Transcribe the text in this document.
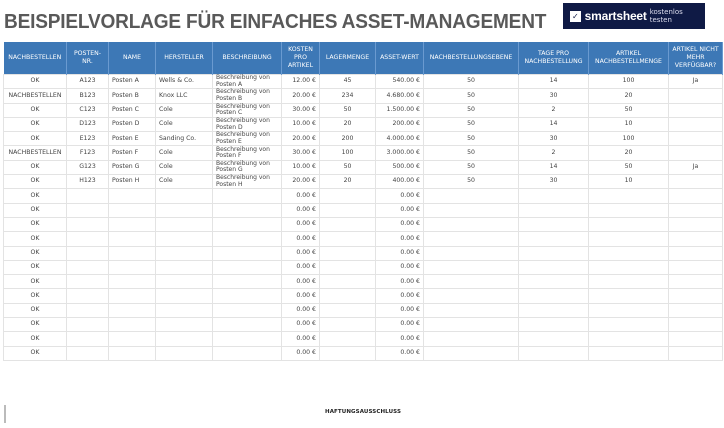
BEISPIELVORLAGE FÜR EINFACHES ASSET-MANAGEMENT	✓ smartsheet kostenlos testen
NACHBESTELLEN	POSTEN-NR.	NAME	HERSTELLER	BESCHREIBUNG	KOSTEN PRO ARTIKEL	LAGERMENGE	ASSET-WERT	NACHBESTELLUNGSEBENE	TAGE PRO NACHBESTELLUNG	ARTIKEL NACHBESTELLMENGE	ARTIKEL NICHT MEHR VERFÜGBAR?
OK	A123	Posten A	Wells & Co.	Beschreibung von Posten A	12.00 €	45	540.00 €	50	14	100	Ja
NACHBESTELLEN	B123	Posten B	Knox LLC	Beschreibung von Posten B	20.00 €	234	4.680.00 €	50	30	20	
OK	C123	Posten C	Cole	Beschreibung von Posten C	30.00 €	50	1.500.00 €	50	2	50	
OK	D123	Posten D	Cole	Beschreibung von Posten D	10.00 €	20	200.00 €	50	14	10	
OK	E123	Posten E	Sanding Co.	Beschreibung von Posten E	20.00 €	200	4.000.00 €	50	30	100	
NACHBESTELLEN	F123	Posten F	Cole	Beschreibung von Posten F	30.00 €	100	3.000.00 €	50	2	20	
OK	G123	Posten G	Cole	Beschreibung von Posten G	10.00 €	50	500.00 €	50	14	50	Ja
OK	H123	Posten H	Cole	Beschreibung von Posten H	20.00 €	20	400.00 €	50	30	10	
OK					0.00 €		0.00 €				
OK					0.00 €		0.00 €				
OK					0.00 €		0.00 €				
OK					0.00 €		0.00 €				
OK					0.00 €		0.00 €				
OK					0.00 €		0.00 €				
OK					0.00 €		0.00 €				
OK					0.00 €		0.00 €				
OK					0.00 €		0.00 €				
OK					0.00 €		0.00 €				
OK					0.00 €		0.00 €				
OK					0.00 €		0.00 €				
HAFTUNGSAUSSCHLUSS
